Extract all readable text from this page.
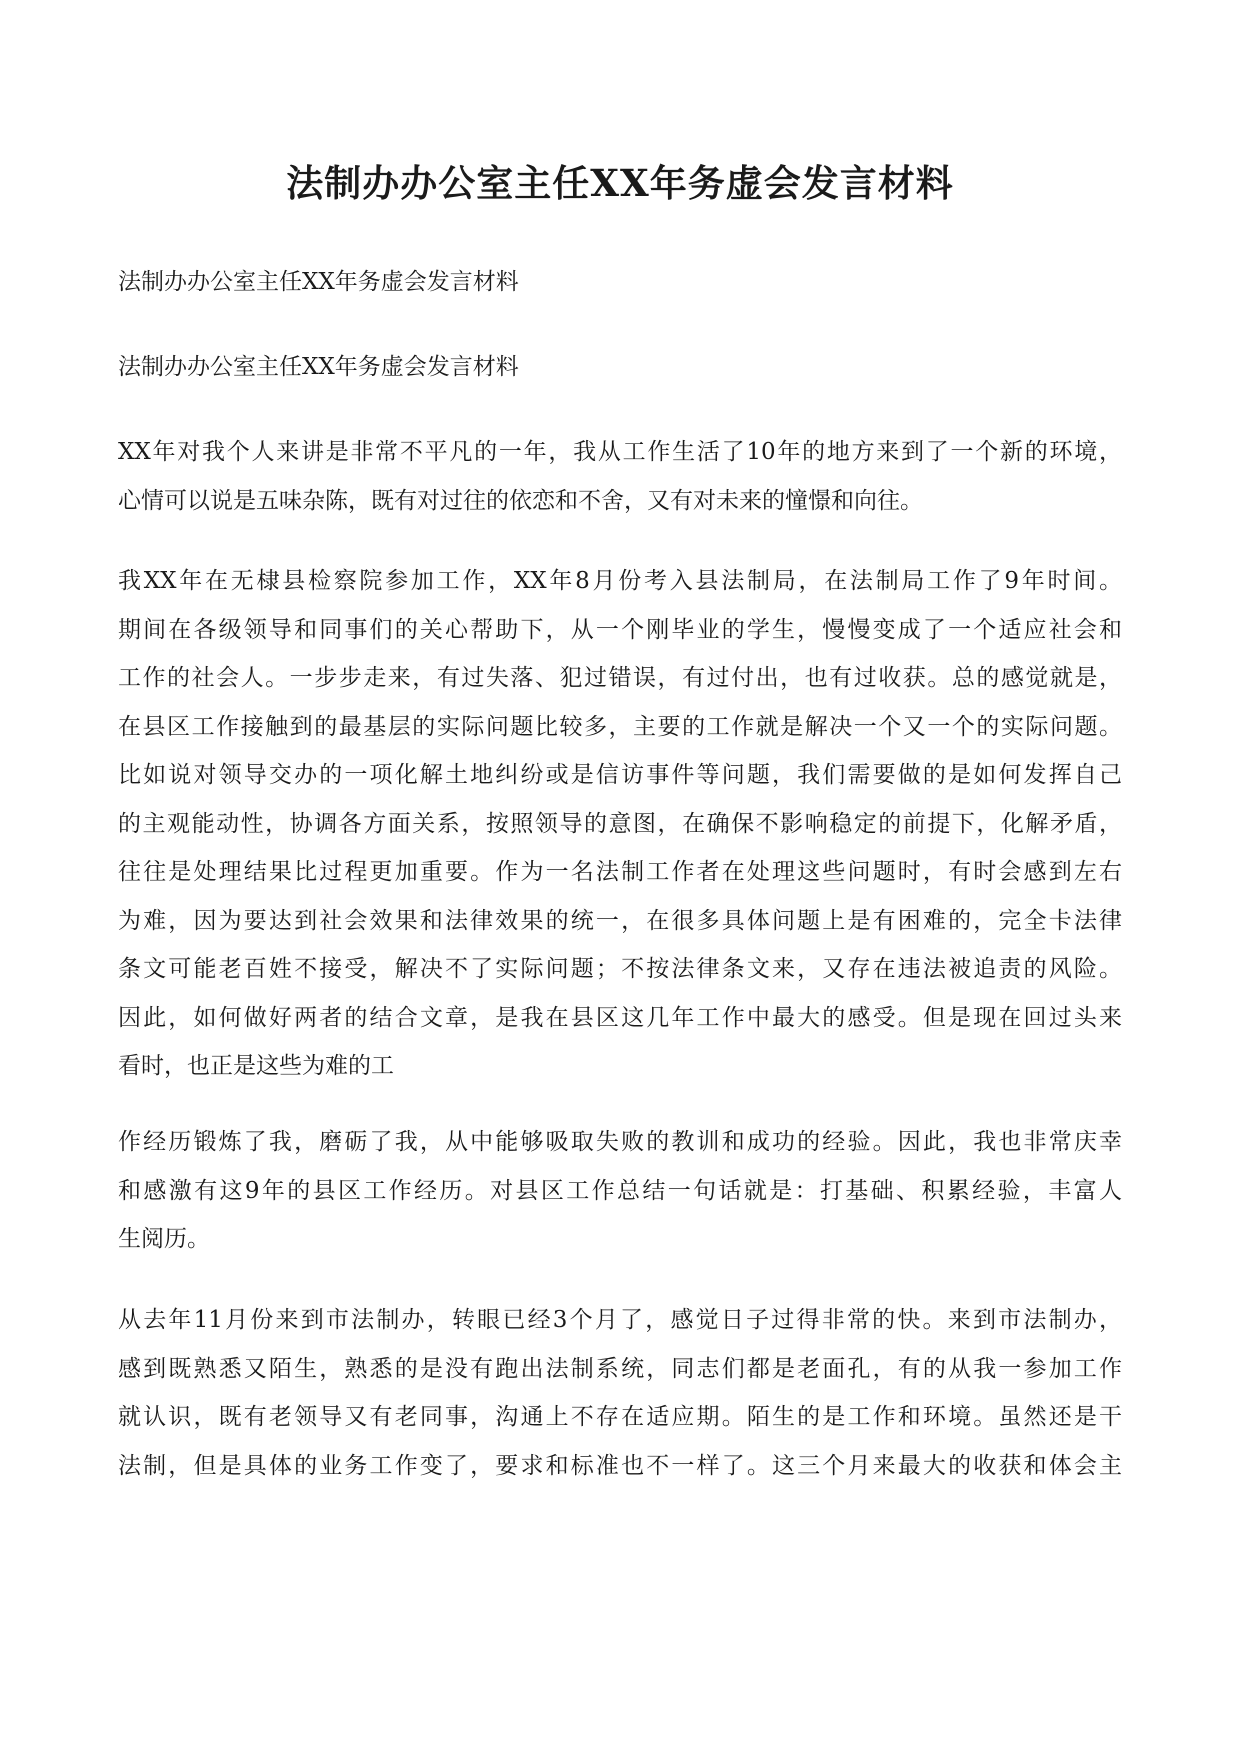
法制办办公室主任XX年务虚会发言材料

法制办办公室主任XX年务虚会发言材料

法制办办公室主任XX年务虚会发言材料

XX年对我个人来讲是非常不平凡的一年，我从工作生活了10年的地方来到了一个新的环境，
心情可以说是五味杂陈，既有对过往的依恋和不舍，又有对未来的憧憬和向往。

我XX年在无棣县检察院参加工作，XX年8月份考入县法制局，在法制局工作了9年时间。
期间在各级领导和同事们的关心帮助下，从一个刚毕业的学生，慢慢变成了一个适应社会和
工作的社会人。一步步走来，有过失落、犯过错误，有过付出，也有过收获。总的感觉就是，
在县区工作接触到的最基层的实际问题比较多，主要的工作就是解决一个又一个的实际问题。
比如说对领导交办的一项化解土地纠纷或是信访事件等问题，我们需要做的是如何发挥自己
的主观能动性，协调各方面关系，按照领导的意图，在确保不影响稳定的前提下，化解矛盾，
往往是处理结果比过程更加重要。作为一名法制工作者在处理这些问题时，有时会感到左右
为难，因为要达到社会效果和法律效果的统一，在很多具体问题上是有困难的，完全卡法律
条文可能老百姓不接受，解决不了实际问题；不按法律条文来，又存在违法被追责的风险。
因此，如何做好两者的结合文章，是我在县区这几年工作中最大的感受。但是现在回过头来
看时，也正是这些为难的工

作经历锻炼了我，磨砺了我，从中能够吸取失败的教训和成功的经验。因此，我也非常庆幸
和感激有这9年的县区工作经历。对县区工作总结一句话就是：打基础、积累经验，丰富人
生阅历。

从去年11月份来到市法制办，转眼已经3个月了，感觉日子过得非常的快。来到市法制办，
感到既熟悉又陌生，熟悉的是没有跑出法制系统，同志们都是老面孔，有的从我一参加工作
就认识，既有老领导又有老同事，沟通上不存在适应期。陌生的是工作和环境。虽然还是干
法制，但是具体的业务工作变了，要求和标准也不一样了。这三个月来最大的收获和体会主
